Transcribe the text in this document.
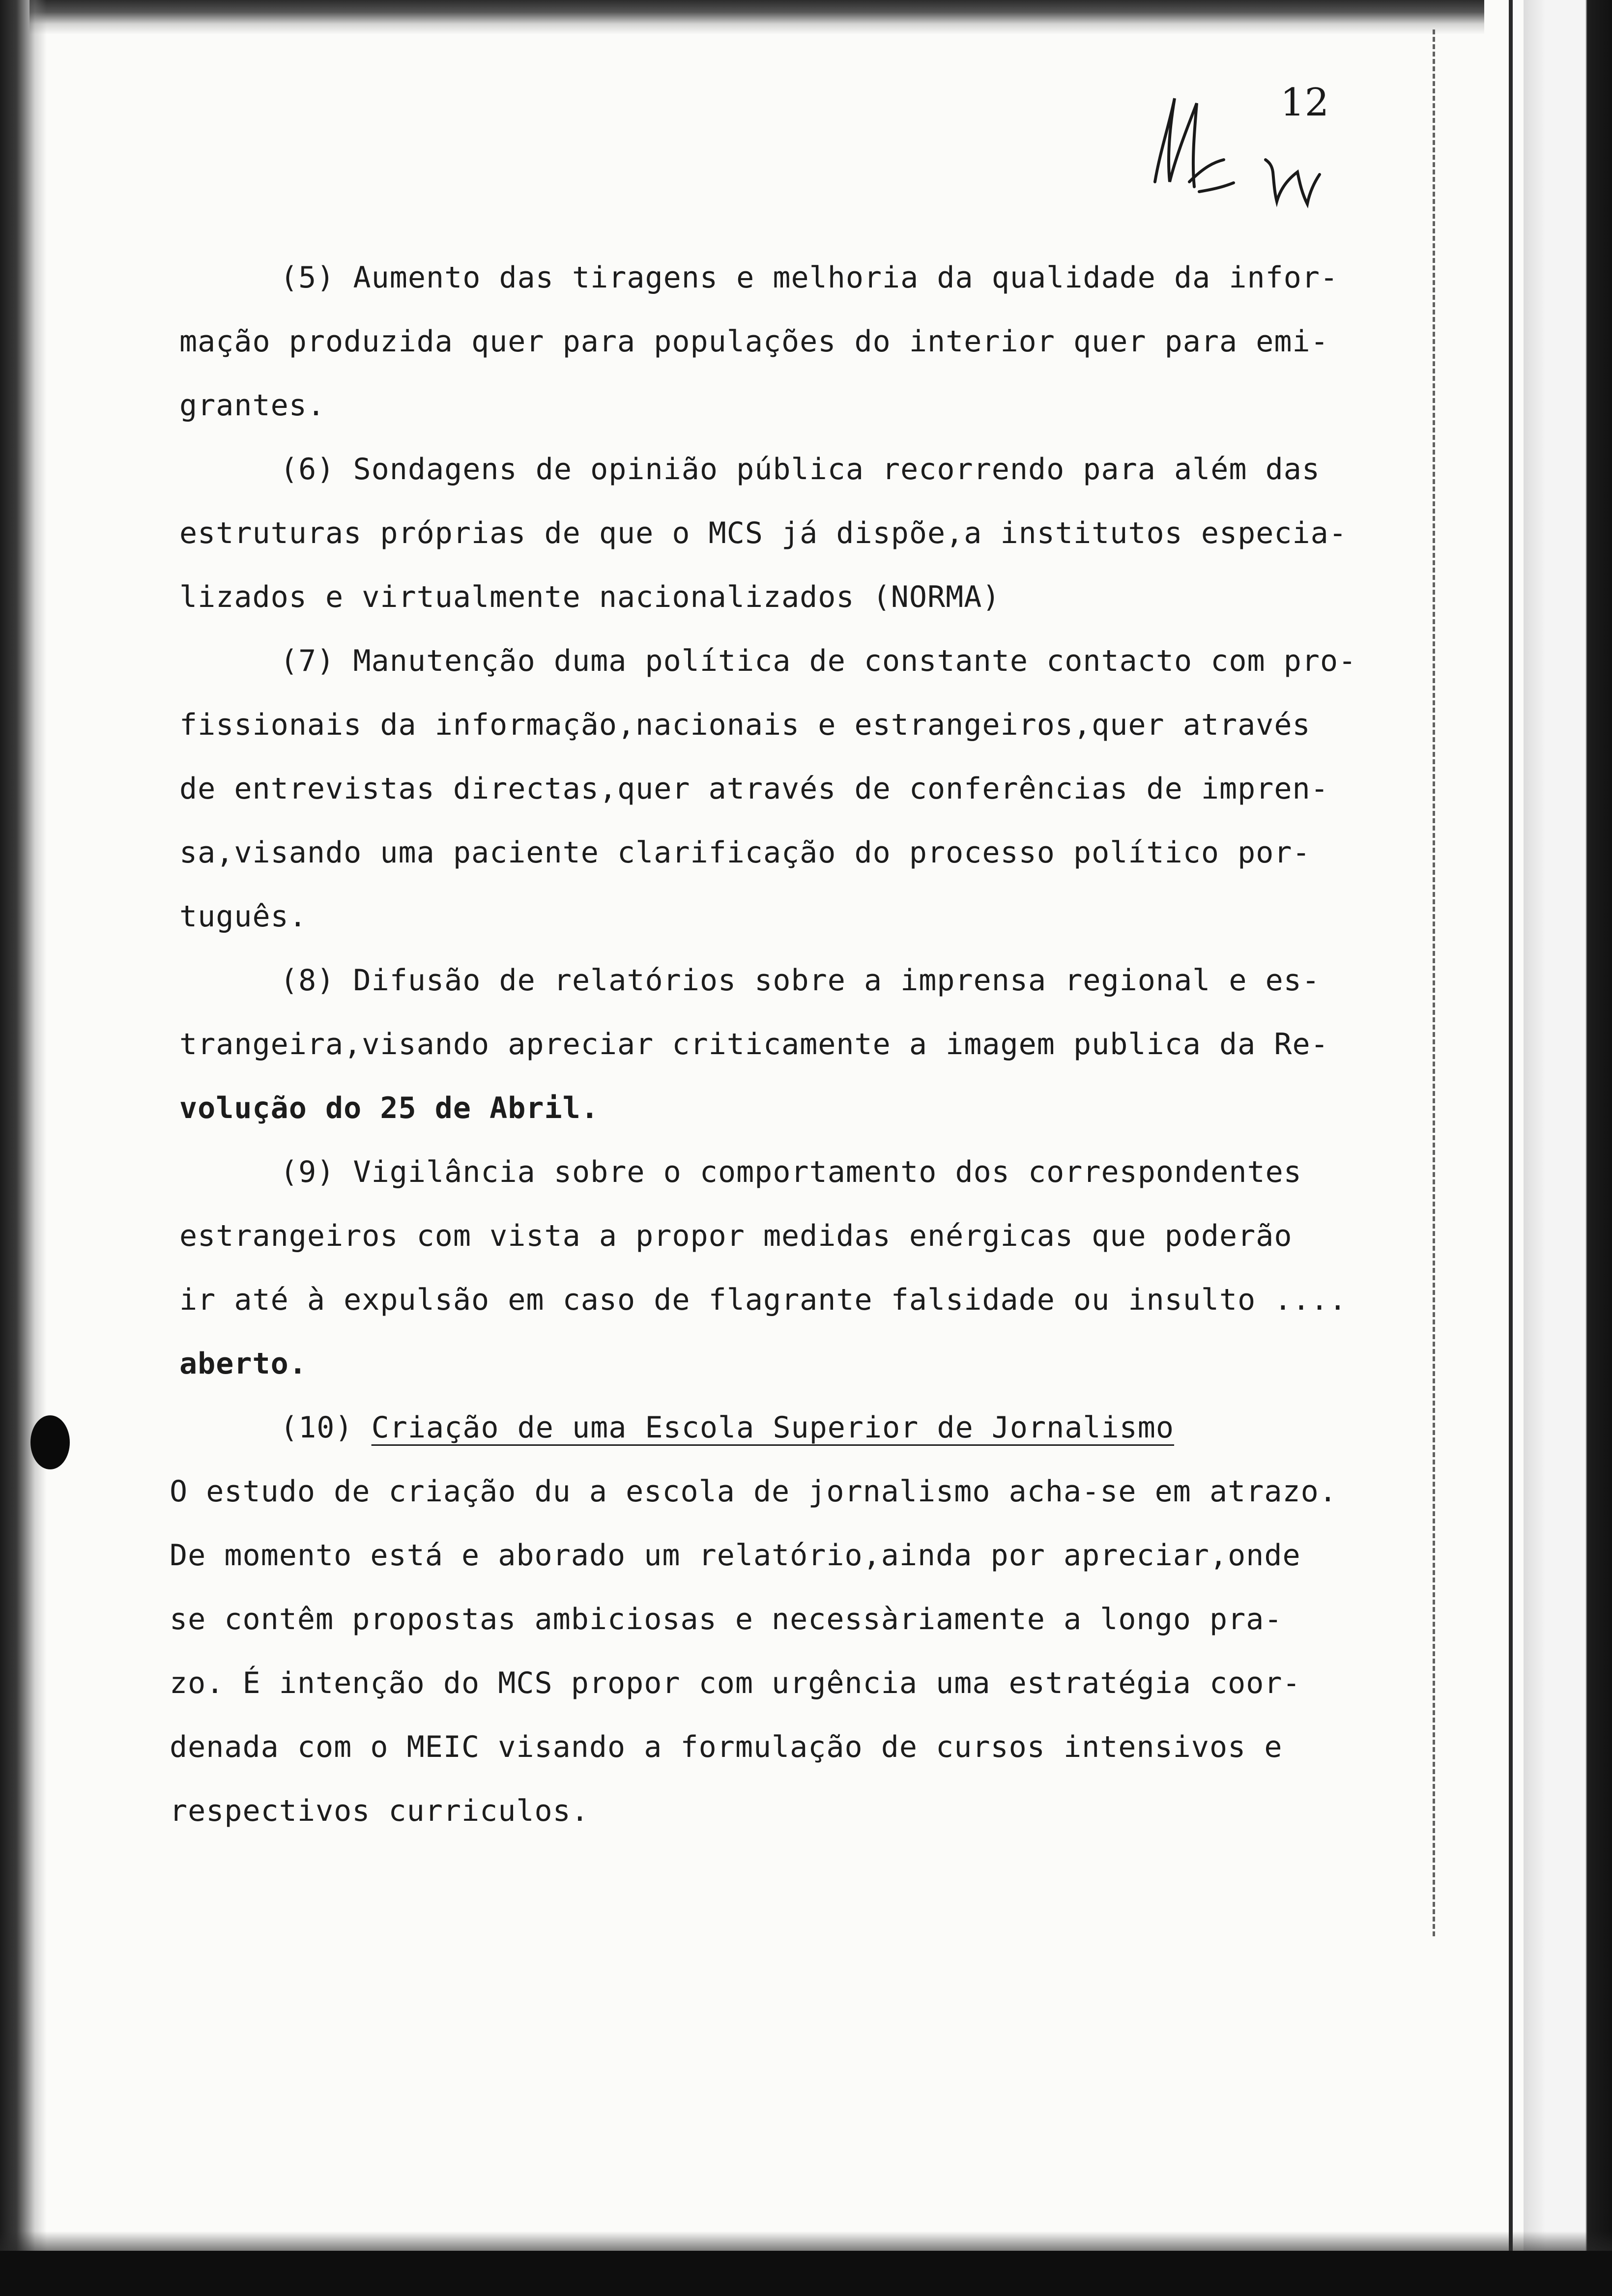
12
17
(5) Aumento das tiragens e melhoria da qualidade da infor-
mação produzida quer para populações do interior quer para emi-
grantes.
(6) Sondagens de opinião pública recorrendo para além das
estruturas próprias de que o MCS já dispõe,a institutos especia-
lizados e virtualmente nacionalizados (NORMA)
(7) Manutenção duma política de constante contacto com pro-
fissionais da informação,nacionais e estrangeiros,quer através
de entrevistas directas,quer através de conferências de impren-
sa,visando uma paciente clarificação do processo político por-
tuguês.
(8) Difusão de relatórios sobre a imprensa regional e es-
trangeira,visando apreciar criticamente a imagem publica da Re-
volução do 25 de Abril.
(9) Vigilância sobre o comportamento dos correspondentes
estrangeiros com vista a propor medidas enérgicas que poderão
ir até à expulsão em caso de flagrante falsidade ou insulto ....
aberto.
(10) Criação de uma Escola Superior de Jornalismo
O estudo de criação du a escola de jornalismo acha-se em atrazo.
De momento está e aborado um relatório,ainda por apreciar,onde
se contêm propostas ambiciosas e necessàriamente a longo pra-
zo. É intenção do MCS propor com urgência uma estratégia coor-
denada com o MEIC visando a formulação de cursos intensivos e
respectivos curriculos.
